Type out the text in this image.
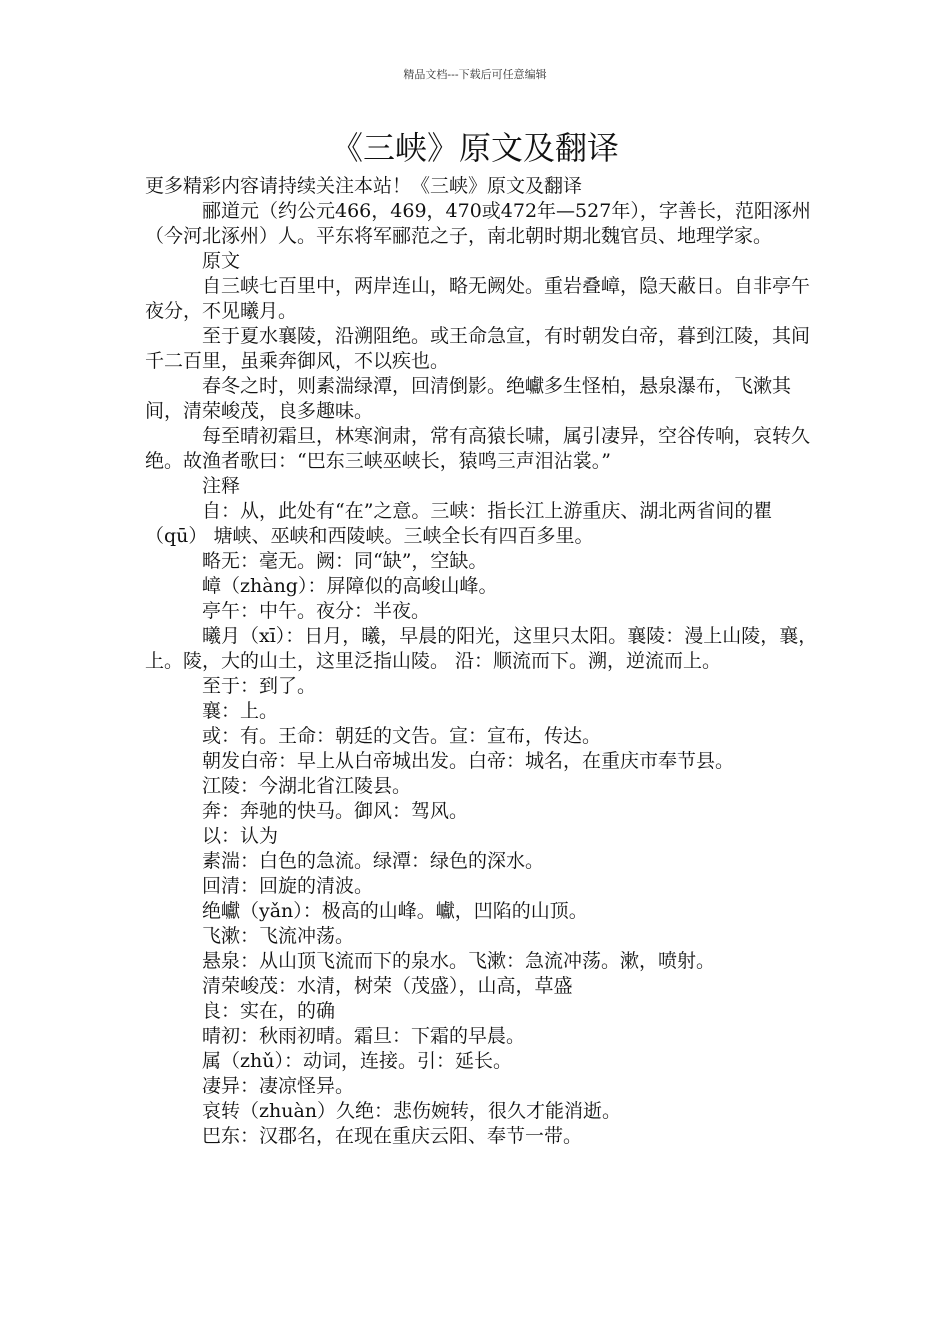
精品文档---下载后可任意编辑
《三峡》原文及翻译

更多精彩内容请持续关注本站！《三峡》原文及翻译

郦道元（约公元466，469，470或472年—527年），字善长，范阳涿州（今河北涿州）人。平东将军郦范之子，南北朝时期北魏官员、地理学家。

原文

自三峡七百里中，两岸连山，略无阙处。重岩叠嶂，隐天蔽日。自非亭午夜分，不见曦月。

至于夏水襄陵，沿溯阻绝。或王命急宣，有时朝发白帝，暮到江陵，其间千二百里，虽乘奔御风，不以疾也。

春冬之时，则素湍绿潭，回清倒影。绝巘多生怪柏，悬泉瀑布，飞漱其间，清荣峻茂，良多趣味。

每至晴初霜旦，林寒涧肃，常有高猿长啸，属引凄异，空谷传响，哀转久绝。故渔者歌曰：“巴东三峡巫峡长，猿鸣三声泪沾裳。”

注释

自：从，此处有“在”之意。三峡：指长江上游重庆、湖北两省间的瞿（qū） 塘峡、巫峡和西陵峡。三峡全长有四百多里。

略无：毫无。阙：同“缺”，空缺。

嶂（zhàng）：屏障似的高峻山峰。

亭午：中午。夜分：半夜。

曦月（xī）：日月，曦，早晨的阳光，这里只太阳。襄陵：漫上山陵，襄，上。陵，大的山土，这里泛指山陵。 沿：顺流而下。溯，逆流而上。

至于：到了。

襄：上。

或：有。王命：朝廷的文告。宣：宣布，传达。

朝发白帝：早上从白帝城出发。白帝：城名，在重庆市奉节县。

江陵：今湖北省江陵县。

奔：奔驰的快马。御风：驾风。

以：认为

素湍：白色的急流。绿潭：绿色的深水。

回清：回旋的清波。

绝巘（yǎn）：极高的山峰。巘，凹陷的山顶。

飞漱：飞流冲荡。

悬泉：从山顶飞流而下的泉水。飞漱：急流冲荡。漱，喷射。

清荣峻茂：水清，树荣（茂盛），山高，草盛

良：实在，的确

晴初：秋雨初晴。霜旦：下霜的早晨。

属（zhǔ）：动词，连接。引：延长。

凄异：凄凉怪异。

哀转（zhuàn）久绝：悲伤婉转，很久才能消逝。

巴东：汉郡名，在现在重庆云阳、奉节一带。
